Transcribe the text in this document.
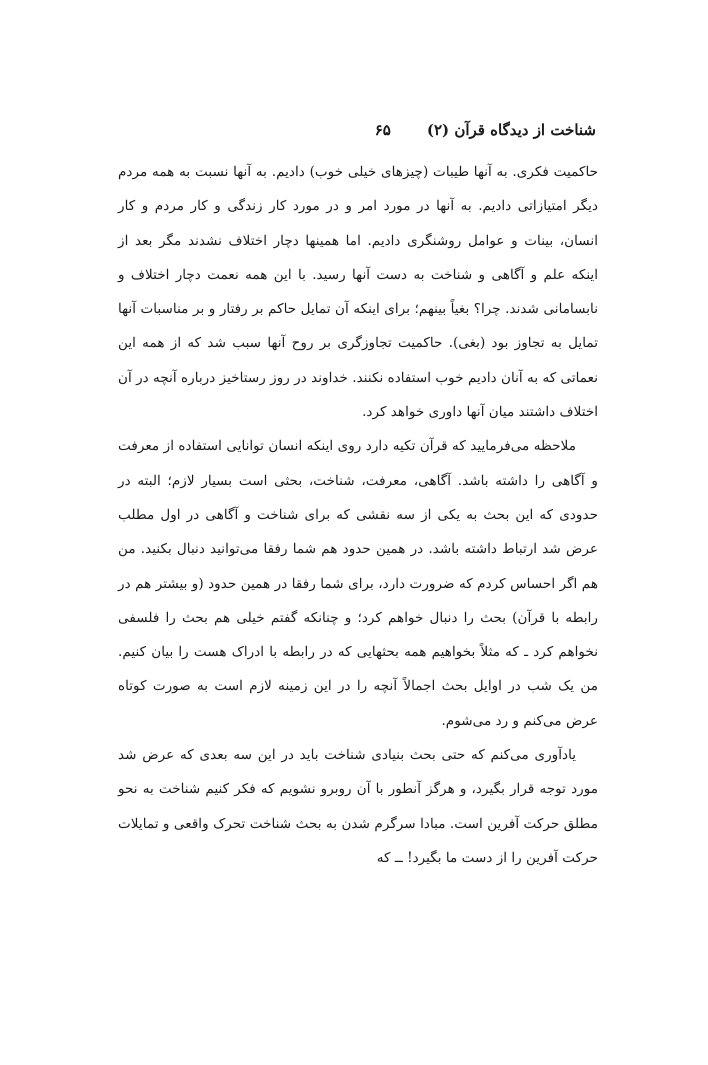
شناخت از دیدگاه قرآن (۲)
۶۵

حاکمیت فکری. به آنها طیبات (چیزهای خیلی خوب) دادیم. به آنها نسبت به همه مردم دیگر امتیازاتی دادیم. به آنها در مورد امر و در مورد کار زندگی و کار مردم و کار انسان، بینات و عوامل روشنگری دادیم. اما همینها دچار اختلاف نشدند مگر بعد از اینکه علم و آگاهی و شناخت به دست آنها رسید. با این همه نعمت دچار اختلاف و نابسامانی شدند. چرا؟ بغیاً بینهم؛ برای اینکه آن تمایل حاکم بر رفتار و بر مناسبات آنها تمایل به تجاوز بود (بغی). حاکمیت تجاوزگری بر روح آنها سبب شد که از همه این نعماتی که به آنان دادیم خوب استفاده نکنند. خداوند در روز رستاخیز درباره آنچه در آن اختلاف داشتند میان آنها داوری خواهد کرد.

ملاحظه می‌فرمایید که قرآن تکیه دارد روی اینکه انسان توانایی استفاده از معرفت و آگاهی را داشته باشد. آگاهی، معرفت، شناخت، بحثی است بسیار لازم؛ البته در حدودی که این بحث به یکی از سه نقشی که برای شناخت و آگاهی در اول مطلب عرض شد ارتباط داشته باشد. در همین حدود هم شما رفقا می‌توانید دنبال بکنید. من هم اگر احساس کردم که ضرورت دارد، برای شما رفقا در همین حدود (و بیشتر هم در رابطه با قرآن) بحث را دنبال خواهم کرد؛ و چنانکه گفتم خیلی هم بحث را فلسفی نخواهم کرد ـ که مثلاً بخواهیم همه بحثهایی که در رابطه با ادراک هست را بیان کنیم. من یک شب در اوایل بحث اجمالاً آنچه را در این زمینه لازم است به صورت کوتاه عرض می‌کنم و رد می‌شوم.

یادآوری می‌کنم که حتی بحث بنیادی شناخت باید در این سه بعدی که عرض شد مورد توجه قرار بگیرد، و هرگز آنطور با آن روبرو نشویم که فکر کنیم شناخت به نحو مطلق حرکت آفرین است. مبادا سرگرم شدن به بحث شناخت تحرک واقعی و تمایلات حرکت آفرین را از دست ما بگیرد! ــ که
